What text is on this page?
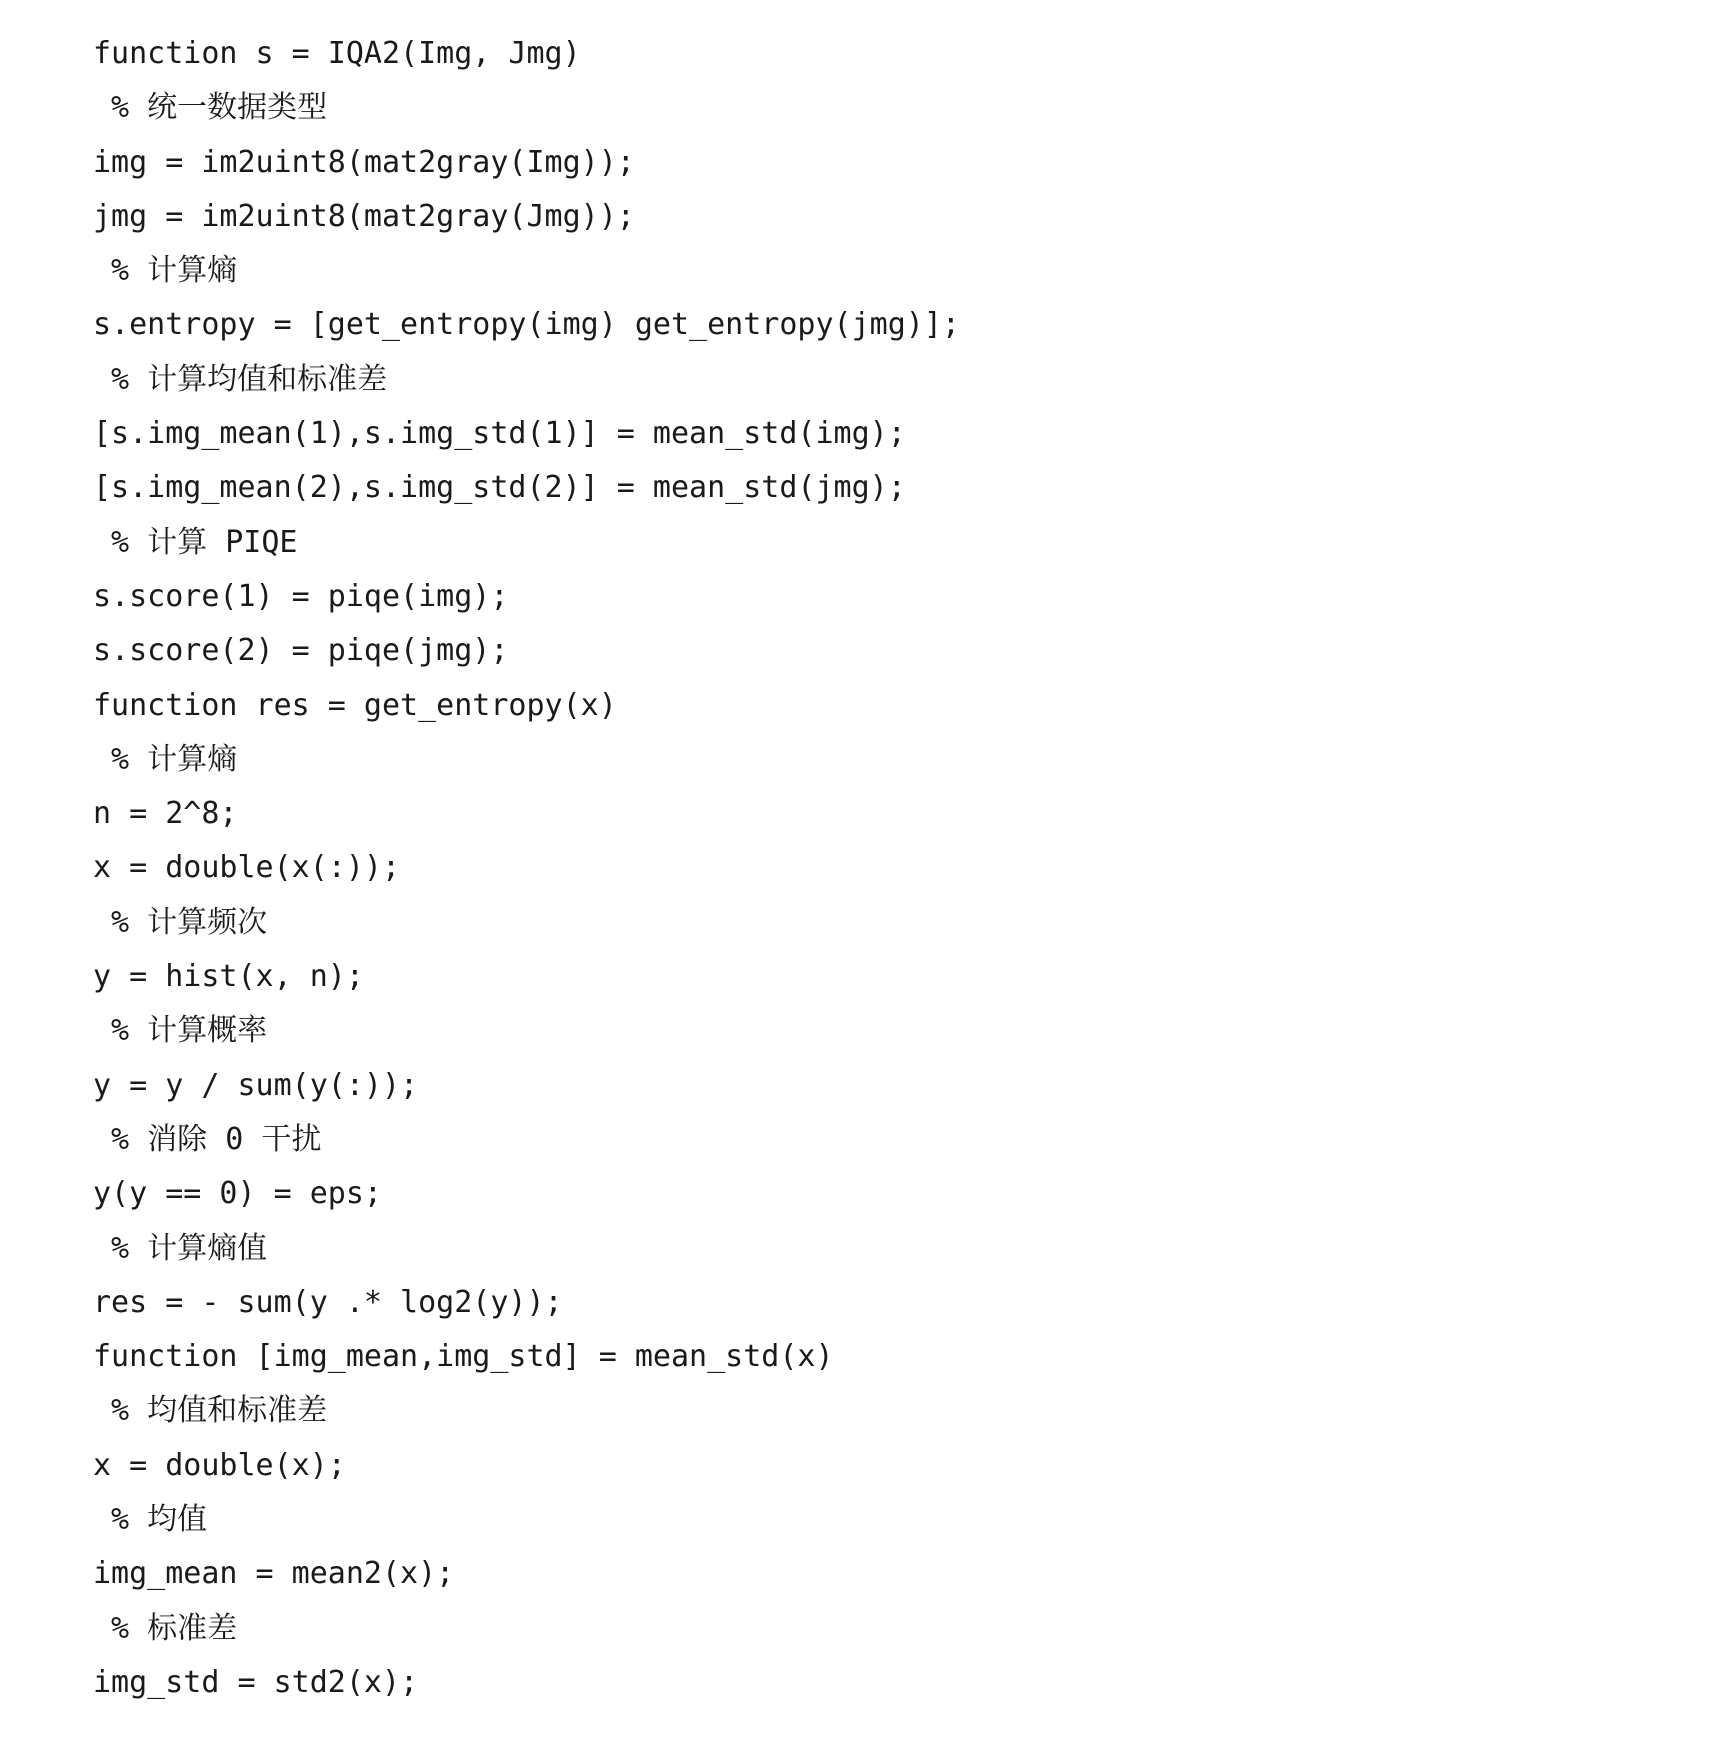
function s = IQA2(Img, Jmg)
% 统一数据类型
img = im2uint8(mat2gray(Img));
jmg = im2uint8(mat2gray(Jmg));
% 计算熵
s.entropy = [get_entropy(img) get_entropy(jmg)];
% 计算均值和标准差
[s.img_mean(1),s.img_std(1)] = mean_std(img);
[s.img_mean(2),s.img_std(2)] = mean_std(jmg);
% 计算 PIQE
s.score(1) = piqe(img);
s.score(2) = piqe(jmg);
function res = get_entropy(x)
% 计算熵
n = 2^8;
x = double(x(:));
% 计算频次
y = hist(x, n);
% 计算概率
y = y / sum(y(:));
% 消除 0 干扰
y(y == 0) = eps;
% 计算熵值
res = - sum(y .* log2(y));
function [img_mean,img_std] = mean_std(x)
% 均值和标准差
x = double(x);
% 均值
img_mean = mean2(x);
% 标准差
img_std = std2(x);
